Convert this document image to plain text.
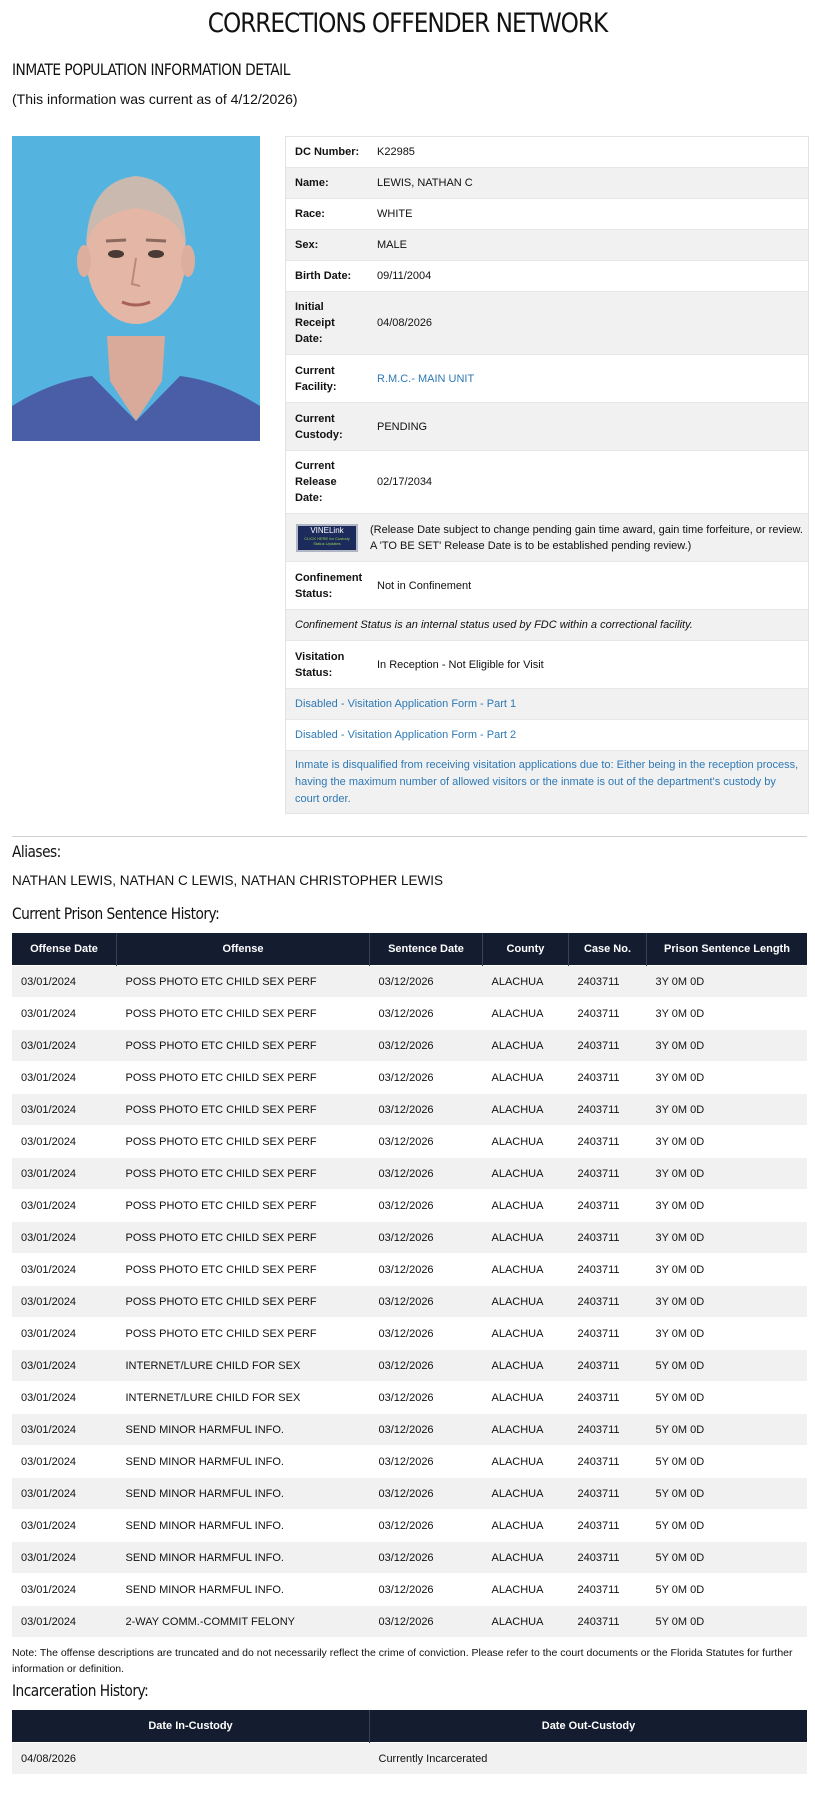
CORRECTIONS OFFENDER NETWORK
INMATE POPULATION INFORMATION DETAIL
(This information was current as of 4/12/2026)
DC Number:	K22985
Name:	LEWIS, NATHAN C
Race:	WHITE
Sex:	MALE
Birth Date:	09/11/2004
Initial Receipt Date:
04/08/2026
Current Facility:
R.M.C.- MAIN UNIT
Current Custody:
PENDING
Current Release Date:
02/17/2034
VINELink
CLICK HERE for Custody Status Updates
(Release Date subject to change pending gain time award, gain time forfeiture, or review. A 'TO BE SET' Release Date is to be established pending review.)
Confinement Status:
Not in Confinement
Confinement Status is an internal status used by FDC within a correctional facility.
Visitation Status:
In Reception - Not Eligible for Visit
Disabled - Visitation Application Form - Part 1
Disabled - Visitation Application Form - Part 2
Inmate is disqualified from receiving visitation applications due to: Either being in the reception process, having the maximum number of allowed visitors or the inmate is out of the department's custody by court order.
Aliases:
NATHAN LEWIS, NATHAN C LEWIS, NATHAN CHRISTOPHER LEWIS
Current Prison Sentence History:
Offense Date	Offense	Sentence Date	County	Case No.	Prison Sentence Length
03/01/2024	POSS PHOTO ETC CHILD SEX PERF	03/12/2026	ALACHUA	2403711	3Y 0M 0D
03/01/2024	POSS PHOTO ETC CHILD SEX PERF	03/12/2026	ALACHUA	2403711	3Y 0M 0D
03/01/2024	POSS PHOTO ETC CHILD SEX PERF	03/12/2026	ALACHUA	2403711	3Y 0M 0D
03/01/2024	POSS PHOTO ETC CHILD SEX PERF	03/12/2026	ALACHUA	2403711	3Y 0M 0D
03/01/2024	POSS PHOTO ETC CHILD SEX PERF	03/12/2026	ALACHUA	2403711	3Y 0M 0D
03/01/2024	POSS PHOTO ETC CHILD SEX PERF	03/12/2026	ALACHUA	2403711	3Y 0M 0D
03/01/2024	POSS PHOTO ETC CHILD SEX PERF	03/12/2026	ALACHUA	2403711	3Y 0M 0D
03/01/2024	POSS PHOTO ETC CHILD SEX PERF	03/12/2026	ALACHUA	2403711	3Y 0M 0D
03/01/2024	POSS PHOTO ETC CHILD SEX PERF	03/12/2026	ALACHUA	2403711	3Y 0M 0D
03/01/2024	POSS PHOTO ETC CHILD SEX PERF	03/12/2026	ALACHUA	2403711	3Y 0M 0D
03/01/2024	POSS PHOTO ETC CHILD SEX PERF	03/12/2026	ALACHUA	2403711	3Y 0M 0D
03/01/2024	POSS PHOTO ETC CHILD SEX PERF	03/12/2026	ALACHUA	2403711	3Y 0M 0D
03/01/2024	INTERNET/LURE CHILD FOR SEX	03/12/2026	ALACHUA	2403711	5Y 0M 0D
03/01/2024	INTERNET/LURE CHILD FOR SEX	03/12/2026	ALACHUA	2403711	5Y 0M 0D
03/01/2024	SEND MINOR HARMFUL INFO.	03/12/2026	ALACHUA	2403711	5Y 0M 0D
03/01/2024	SEND MINOR HARMFUL INFO.	03/12/2026	ALACHUA	2403711	5Y 0M 0D
03/01/2024	SEND MINOR HARMFUL INFO.	03/12/2026	ALACHUA	2403711	5Y 0M 0D
03/01/2024	SEND MINOR HARMFUL INFO.	03/12/2026	ALACHUA	2403711	5Y 0M 0D
03/01/2024	SEND MINOR HARMFUL INFO.	03/12/2026	ALACHUA	2403711	5Y 0M 0D
03/01/2024	SEND MINOR HARMFUL INFO.	03/12/2026	ALACHUA	2403711	5Y 0M 0D
03/01/2024	2-WAY COMM.-COMMIT FELONY	03/12/2026	ALACHUA	2403711	5Y 0M 0D
Note: The offense descriptions are truncated and do not necessarily reflect the crime of conviction. Please refer to the court documents or the Florida Statutes for further information or definition.
Incarceration History:
Date In-Custody	Date Out-Custody
04/08/2026	Currently Incarcerated
